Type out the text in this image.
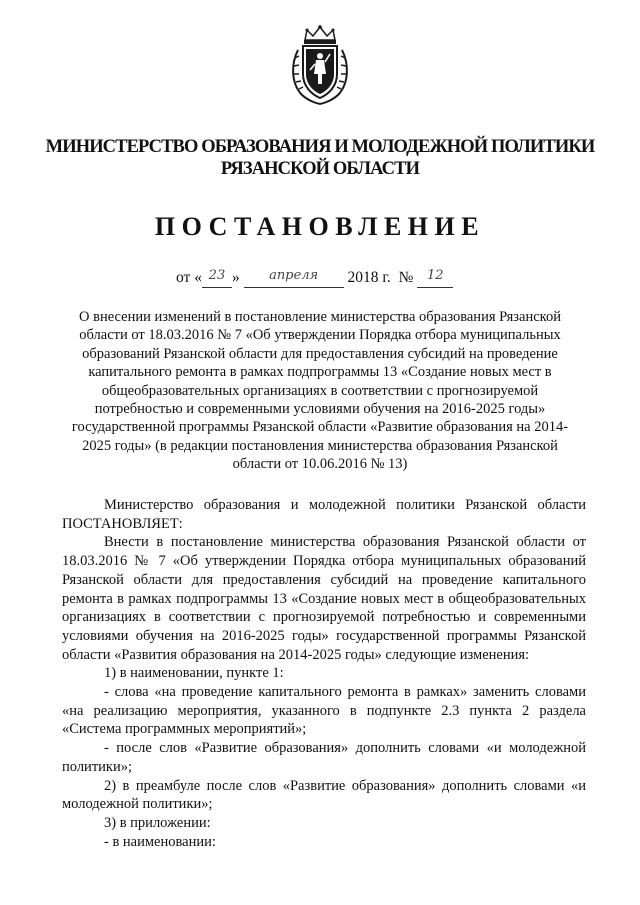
МИНИСТЕРСТВО ОБРАЗОВАНИЯ И МОЛОДЕЖНОЙ ПОЛИТИКИ
РЯЗАНСКОЙ ОБЛАСТИ
ПОСТАНОВЛЕНИЕ
от « 23 » апреля 2018 г. № 12
О внесении изменений в постановление министерства образования Рязанской области от 18.03.2016 № 7 «Об утверждении Порядка отбора муниципальных образований Рязанской области для предоставления субсидий на проведение капитального ремонта в рамках подпрограммы 13 «Создание новых мест в общеобразовательных организациях в соответствии с прогнозируемой потребностью и современными условиями обучения на 2016-2025 годы» государственной программы Рязанской области «Развитие образования на 2014-2025 годы» (в редакции постановления министерства образования Рязанской области от 10.06.2016 № 13)

Министерство образования и молодежной политики Рязанской области ПОСТАНОВЛЯЕТ:

Внести в постановление министерства образования Рязанской области от 18.03.2016 № 7 «Об утверждении Порядка отбора муниципальных образований Рязанской области для предоставления субсидий на проведение капитального ремонта в рамках подпрограммы 13 «Создание новых мест в общеобразовательных организациях в соответствии с прогнозируемой потребностью и современными условиями обучения на 2016-2025 годы» государственной программы Рязанской области «Развития образования на 2014-2025 годы» следующие изменения:

1) в наименовании, пункте 1:

- слова «на проведение капитального ремонта в рамках» заменить словами «на реализацию мероприятия, указанного в подпункте 2.3 пункта 2 раздела «Система программных мероприятий»;

- после слов «Развитие образования» дополнить словами «и молодежной политики»;

2) в преамбуле после слов «Развитие образования» дополнить словами «и молодежной политики»;

3) в приложении:

- в наименовании:
